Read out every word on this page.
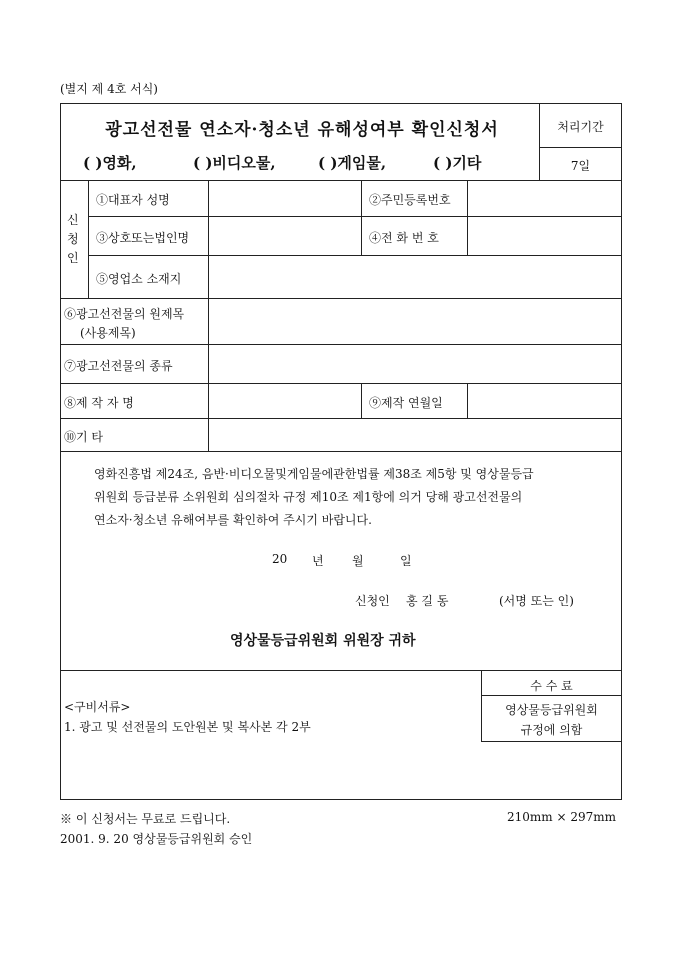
(별지 제 4호 서식)
광고선전물 연소자·청소년 유해성여부 확인신청서	처리기간
7일
( )영화,	( )비디오물,	( )게임물,	( )기타
신
청
인
①대표자 성명	②주민등록번호
③상호또는법인명	④전 화 번 호
⑤영업소 소재지
⑥광고선전물의 원제목
(사용제목)
⑦광고선전물의 종류
⑧제 작 자 명	⑨제작 연월일
⑩기 타
영화진흥법 제24조, 음반·비디오물및게임물에관한법률 제38조 제5항 및 영상물등급
위원회 등급분류 소위원회 심의절차 규정 제10조 제1항에 의거 당해 광고선전물의
연소자·청소년 유해여부를 확인하여 주시기 바랍니다.
20 년 월	일
신청인 홍 길 동	(서명 또는 인)
영상물등급위원회 위원장 귀하
<구비서류>
1. 광고 및 선전물의 도안원본 및 복사본 각 2부
수 수 료
영상물등급위원회
규정에 의함
※ 이 신청서는 무료로 드립니다.	210mm × 297mm
2001. 9. 20 영상물등급위원회 승인
